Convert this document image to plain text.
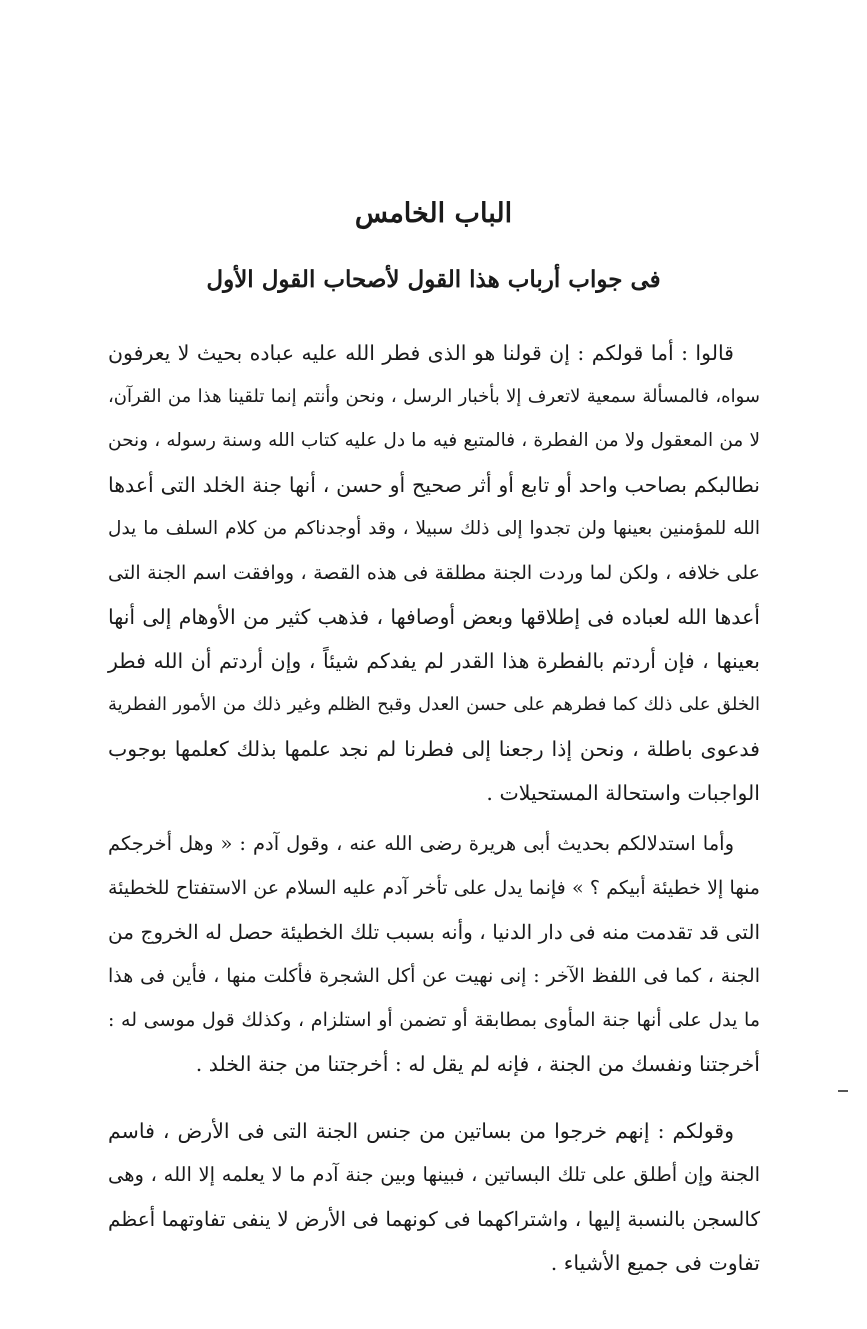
الباب الخامس
فى جواب أرباب هذا القول لأصحاب القول الأول
قالوا : أما قولكم : إن قولنا هو الذى فطر الله عليه عباده بحيث لا يعرفون
سواه، فالمسألة سمعية لاتعرف إلا بأخبار الرسل ، ونحن وأنتم إنما تلقينا هذا من القرآن،
لا من المعقول ولا من الفطرة ، فالمتبع فيه ما دل عليه كتاب الله وسنة رسوله ، ونحن
نطالبكم بصاحب واحد أو تابع أو أثر صحيح أو حسن ، أنها جنة الخلد التى أعدها
الله للمؤمنين بعينها ولن تجدوا إلى ذلك سبيلا ، وقد أوجدناكم من كلام السلف ما يدل
على خلافه ، ولكن لما وردت الجنة مطلقة فى هذه القصة ، ووافقت اسم الجنة التى
أعدها الله لعباده فى إطلاقها وبعض أوصافها ، فذهب كثير من الأوهام إلى أنها
بعينها ، فإن أردتم بالفطرة هذا القدر لم يفدكم شيئاً ، وإن أردتم أن الله فطر
الخلق على ذلك كما فطرهم على حسن العدل وقبح الظلم وغير ذلك من الأمور الفطرية
فدعوى باطلة ، ونحن إذا رجعنا إلى فطرنا لم نجد علمها بذلك كعلمها بوجوب
الواجبات واستحالة المستحيلات .
وأما استدلالكم بحديث أبى هريرة رضى الله عنه ، وقول آدم : « وهل أخرجكم
منها إلا خطيئة أبيكم ؟ » فإنما يدل على تأخر آدم عليه السلام عن الاستفتاح للخطيئة
التى قد تقدمت منه فى دار الدنيا ، وأنه بسبب تلك الخطيئة حصل له الخروج من
الجنة ، كما فى اللفظ الآخر : إنى نهيت عن أكل الشجرة فأكلت منها ، فأين فى هذا
ما يدل على أنها جنة المأوى بمطابقة أو تضمن أو استلزام ، وكذلك قول موسى له :
أخرجتنا ونفسك من الجنة ، فإنه لم يقل له : أخرجتنا من جنة الخلد .
وقولكم : إنهم خرجوا من بساتين من جنس الجنة التى فى الأرض ، فاسم
الجنة وإن أطلق على تلك البساتين ، فبينها وبين جنة آدم ما لا يعلمه إلا الله ، وهى
كالسجن بالنسبة إليها ، واشتراكهما فى كونهما فى الأرض لا ينفى تفاوتهما أعظم
تفاوت فى جميع الأشياء .
